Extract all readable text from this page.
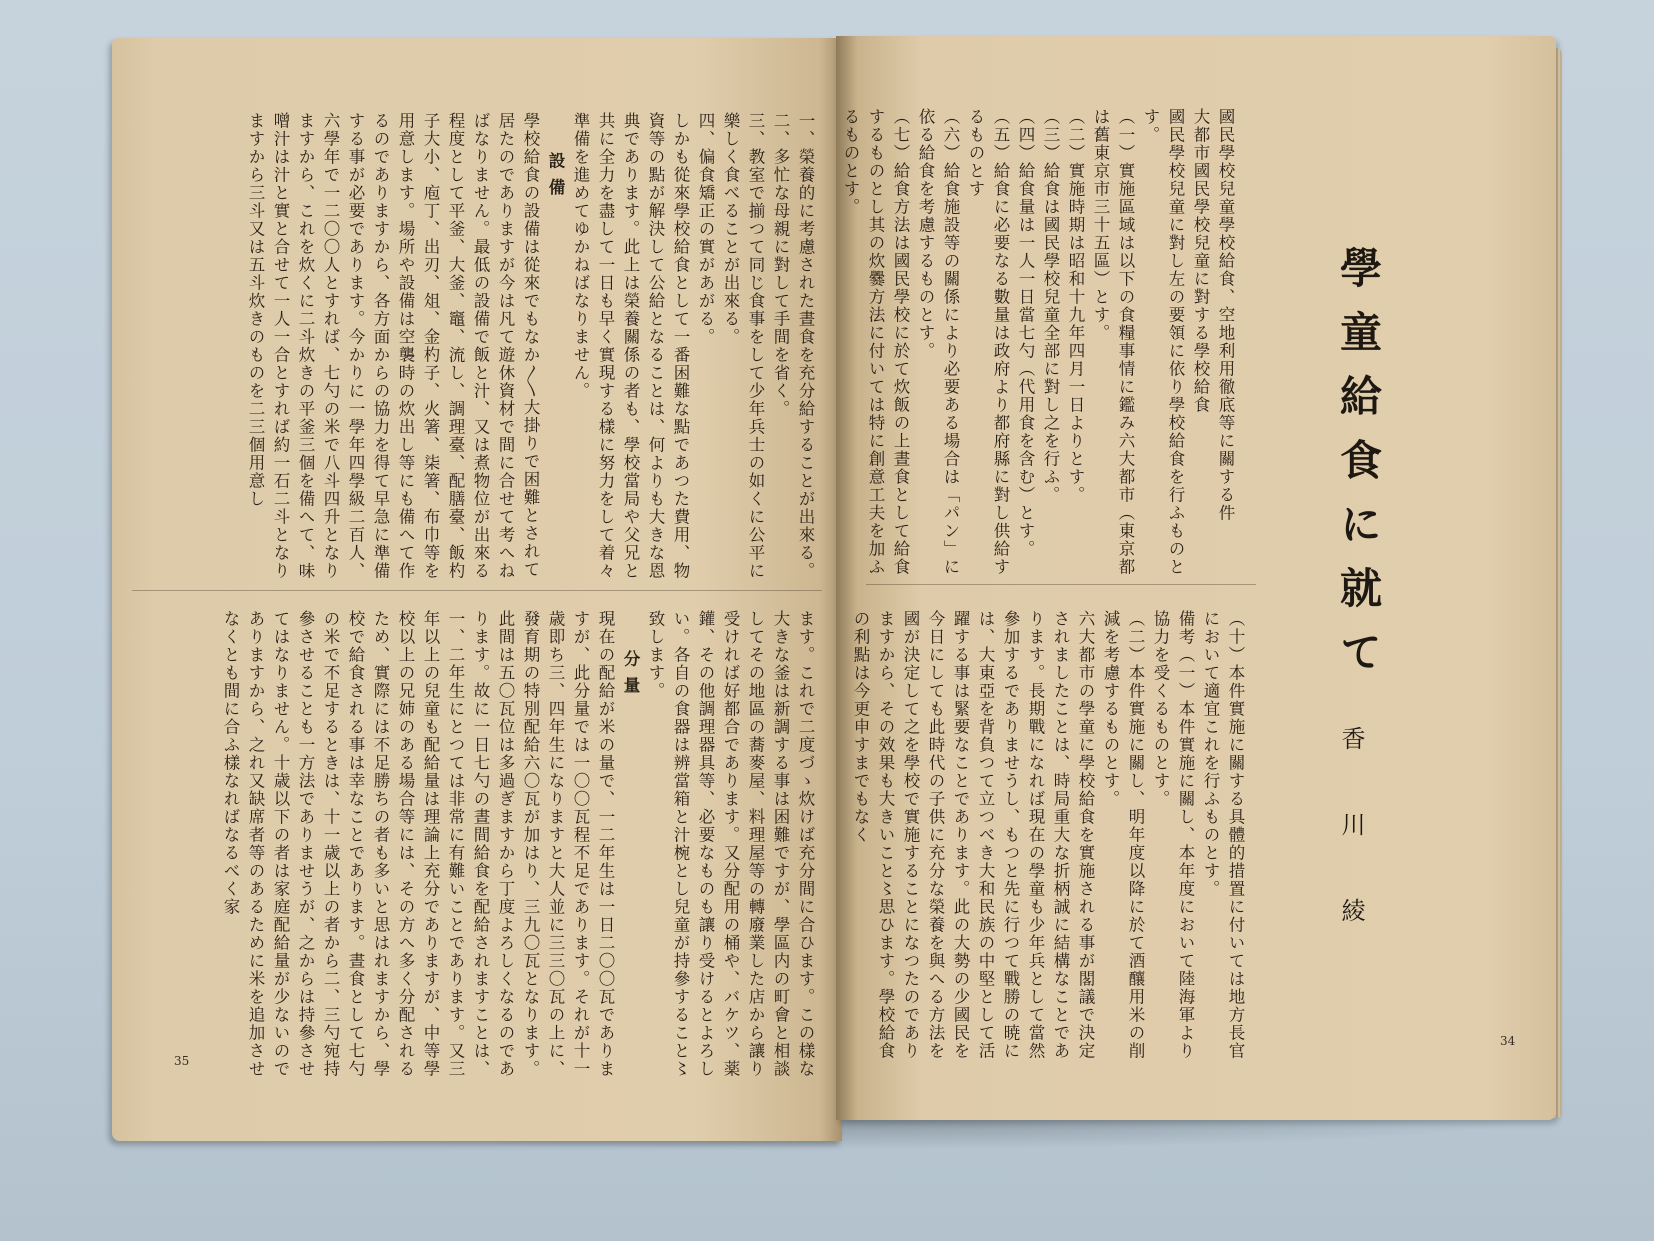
一、榮養的に考慮された晝食を充分給することが出來る。

二、多忙な母親に對して手間を省く。

三、教室で揃つて同じ食事をして少年兵士の如くに公平に樂しく食べることが出來る。

四、偏食矯正の實があがる。

しかも從來學校給食として一番困難な點であつた費用、物資等の點が解決して公給となることは、何よりも大きな恩典であります。此上は榮養關係の者も、學校當局や父兄と共に全力を盡して一日も早く實現する樣に努力をして着々準備を進めてゆかねばなりません。

設備

學校給食の設備は從來でもなか〱大掛りで困難とされて居たのでありますが今は凡て遊休資材で間に合せて考へねばなりません。最低の設備で飯と汁、又は煮物位が出來る程度として平釜、大釜、竈、流し、調理臺、配膳臺、飯杓子大小、庖丁、出刃、俎、金杓子、火箸、柒箸、布巾等を用意します。場所や設備は空襲時の炊出し等にも備へて作るのでありますから、各方面からの協力を得て早急に準備する事が必要であります。今かりに一學年四學級二百人、六學年で一二〇〇人とすれば、七勺の米で八斗四升となりますから、これを炊くに二斗炊きの平釜三個を備へて、味噌汁は汁と實と合せて一人一合とすれば約一石二斗となりますから三斗又は五斗炊きのものを二三個用意し

ます。これで二度づゝ炊けば充分間に合ひます。この樣な大きな釜は新調する事は困難ですが、學區内の町會と相談してその地區の蕎麥屋、料理屋等の轉廢業した店から讓り受ければ好都合であります。又分配用の桶や、バケツ、薬鑵、その他調理器具等、必要なものも讓り受けるとよろしい。各自の食器は辨當箱と汁椀とし兒童が持參すること〻致します。

分量

現在の配給が米の量で、一二年生は一日二〇〇瓦でありますが、此分量では一〇〇瓦程不足であります。それが十一歳即ち三、四年生になりますと大人並に三三〇瓦の上に、發育期の特別配給六〇瓦が加はり、三九〇瓦となります。此間は五〇瓦位は多過ぎますから丁度よろしくなるのであります。故に一日七勺の晝間給食を配給されますことは、一、二年生にとつては非常に有難いことであります。又三年以上の兒童も配給量は理論上充分でありますが、中等學校以上の兄姉のある場合等には、その方へ多く分配されるため、實際には不足勝ちの者も多いと思はれますから、學校で給食される事は幸なことであります。晝食として七勺の米で不足するときは、十一歳以上の者から二、三勺宛持參させることも一方法でありませうが、之からは持參させてはなりません。十歳以下の者は家庭配給量が少ないのでありますから、之れ又缺席者等のあるために米を追加させなくとも間に合ふ樣なればなるべく家

35

國民學校兒童學校給食、空地利用徹底等に關する件

大都市國民學校兒童に對する學校給食

國民學校兒童に對し左の要領に依り學校給食を行ふものとす。

（一）實施區域は以下の食糧事情に鑑み六大都市（東京都は舊東京市三十五區）とす。

（二）實施時期は昭和十九年四月一日よりとす。

（三）給食は國民學校兒童全部に對し之を行ふ。

（四）給食量は一人一日當七勺（代用食を含む）とす。

（五）給食に必要なる數量は政府より都府縣に對し供給するものとす

（六）給食施設等の關係により必要ある場合は「パン」に依る給食を考慮するものとす。

（七）給食方法は國民學校に於て炊飯の上晝食として給食するものとし其の炊爨方法に付いては特に創意工夫を加ふるものとす。

學童給食に就て
香川綾

（十）本件實施に關する具體的措置に付いては地方長官において適宜これを行ふものとす。

備考（一）本件實施に關し、本年度において陸海軍より協力を受くるものとす。

（二）本件實施に關し、明年度以降に於て酒釀用米の削減を考慮するものとす。

六大都市の學童に學校給食を實施される事が閣議で決定されましたことは、時局重大な折柄誠に結構なことであります。長期戰になれば現在の學童も少年兵として當然參加するでありませうし、もつと先に行つて戰勝の暁には、大東亞を背負つて立つべき大和民族の中堅として活躍する事は緊要なことであります。此の大勢の少國民を今日にしても此時代の子供に充分な榮養を與へる方法を國が決定して之を學校で實施することになつたのでありますから、その效果も大きいこと〻思ひます。學校給食の利點は今更申すまでもなく

34
